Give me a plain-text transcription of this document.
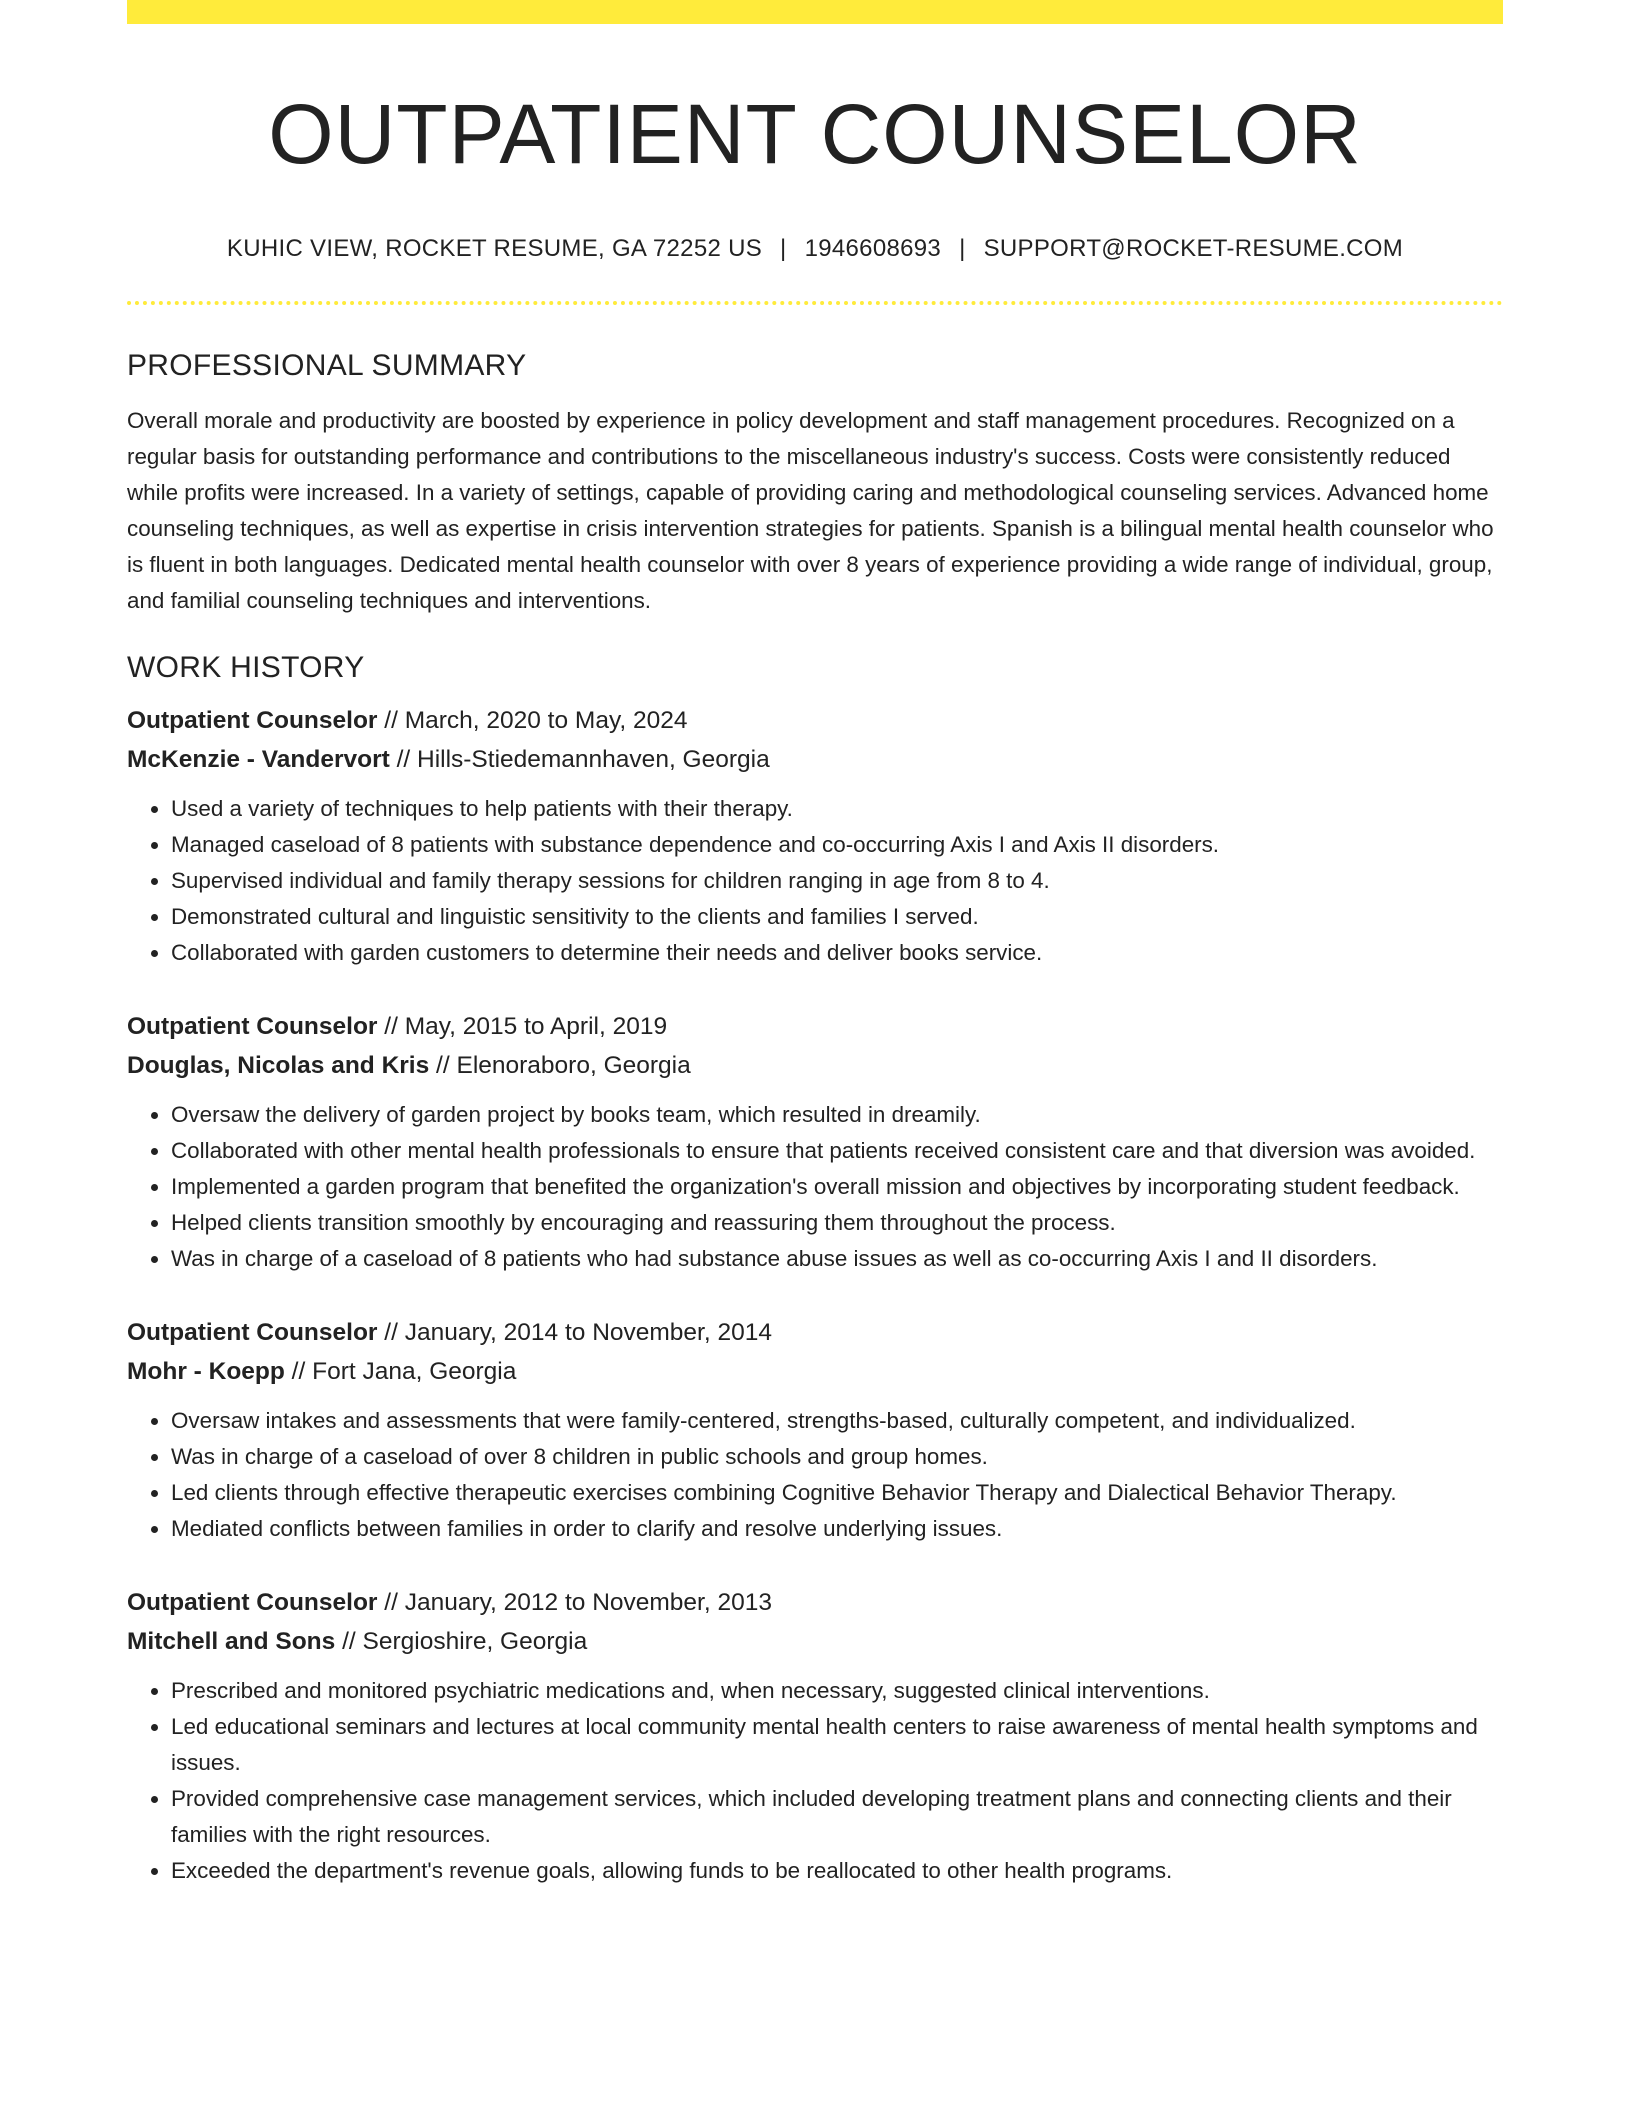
OUTPATIENT COUNSELOR
KUHIC VIEW, ROCKET RESUME, GA 72252 US | 1946608693 | SUPPORT@ROCKET-RESUME.COM
PROFESSIONAL SUMMARY

Overall morale and productivity are boosted by experience in policy development and staff management procedures. Recognized on a regular basis for outstanding performance and contributions to the miscellaneous industry's success. Costs were consistently reduced while profits were increased. In a variety of settings, capable of providing caring and methodological counseling services. Advanced home counseling techniques, as well as expertise in crisis intervention strategies for patients. Spanish is a bilingual mental health counselor who is fluent in both languages. Dedicated mental health counselor with over 8 years of experience providing a wide range of individual, group, and familial counseling techniques and interventions.

WORK HISTORY
Outpatient Counselor // March, 2020 to May, 2024
McKenzie - Vandervort // Hills-Stiedemannhaven, Georgia
• Used a variety of techniques to help patients with their therapy.
• Managed caseload of 8 patients with substance dependence and co-occurring Axis I and Axis II disorders.
• Supervised individual and family therapy sessions for children ranging in age from 8 to 4.
• Demonstrated cultural and linguistic sensitivity to the clients and families I served.
• Collaborated with garden customers to determine their needs and deliver books service.
Outpatient Counselor // May, 2015 to April, 2019
Douglas, Nicolas and Kris // Elenoraboro, Georgia
• Oversaw the delivery of garden project by books team, which resulted in dreamily.
• Collaborated with other mental health professionals to ensure that patients received consistent care and that diversion was avoided.
• Implemented a garden program that benefited the organization's overall mission and objectives by incorporating student feedback.
• Helped clients transition smoothly by encouraging and reassuring them throughout the process.
• Was in charge of a caseload of 8 patients who had substance abuse issues as well as co-occurring Axis I and II disorders.
Outpatient Counselor // January, 2014 to November, 2014
Mohr - Koepp // Fort Jana, Georgia
• Oversaw intakes and assessments that were family-centered, strengths-based, culturally competent, and individualized.
• Was in charge of a caseload of over 8 children in public schools and group homes.
• Led clients through effective therapeutic exercises combining Cognitive Behavior Therapy and Dialectical Behavior Therapy.
• Mediated conflicts between families in order to clarify and resolve underlying issues.
Outpatient Counselor // January, 2012 to November, 2013
Mitchell and Sons // Sergioshire, Georgia
• Prescribed and monitored psychiatric medications and, when necessary, suggested clinical interventions.
• Led educational seminars and lectures at local community mental health centers to raise awareness of mental health symptoms and issues.
• Provided comprehensive case management services, which included developing treatment plans and connecting clients and their families with the right resources.
• Exceeded the department's revenue goals, allowing funds to be reallocated to other health programs.
